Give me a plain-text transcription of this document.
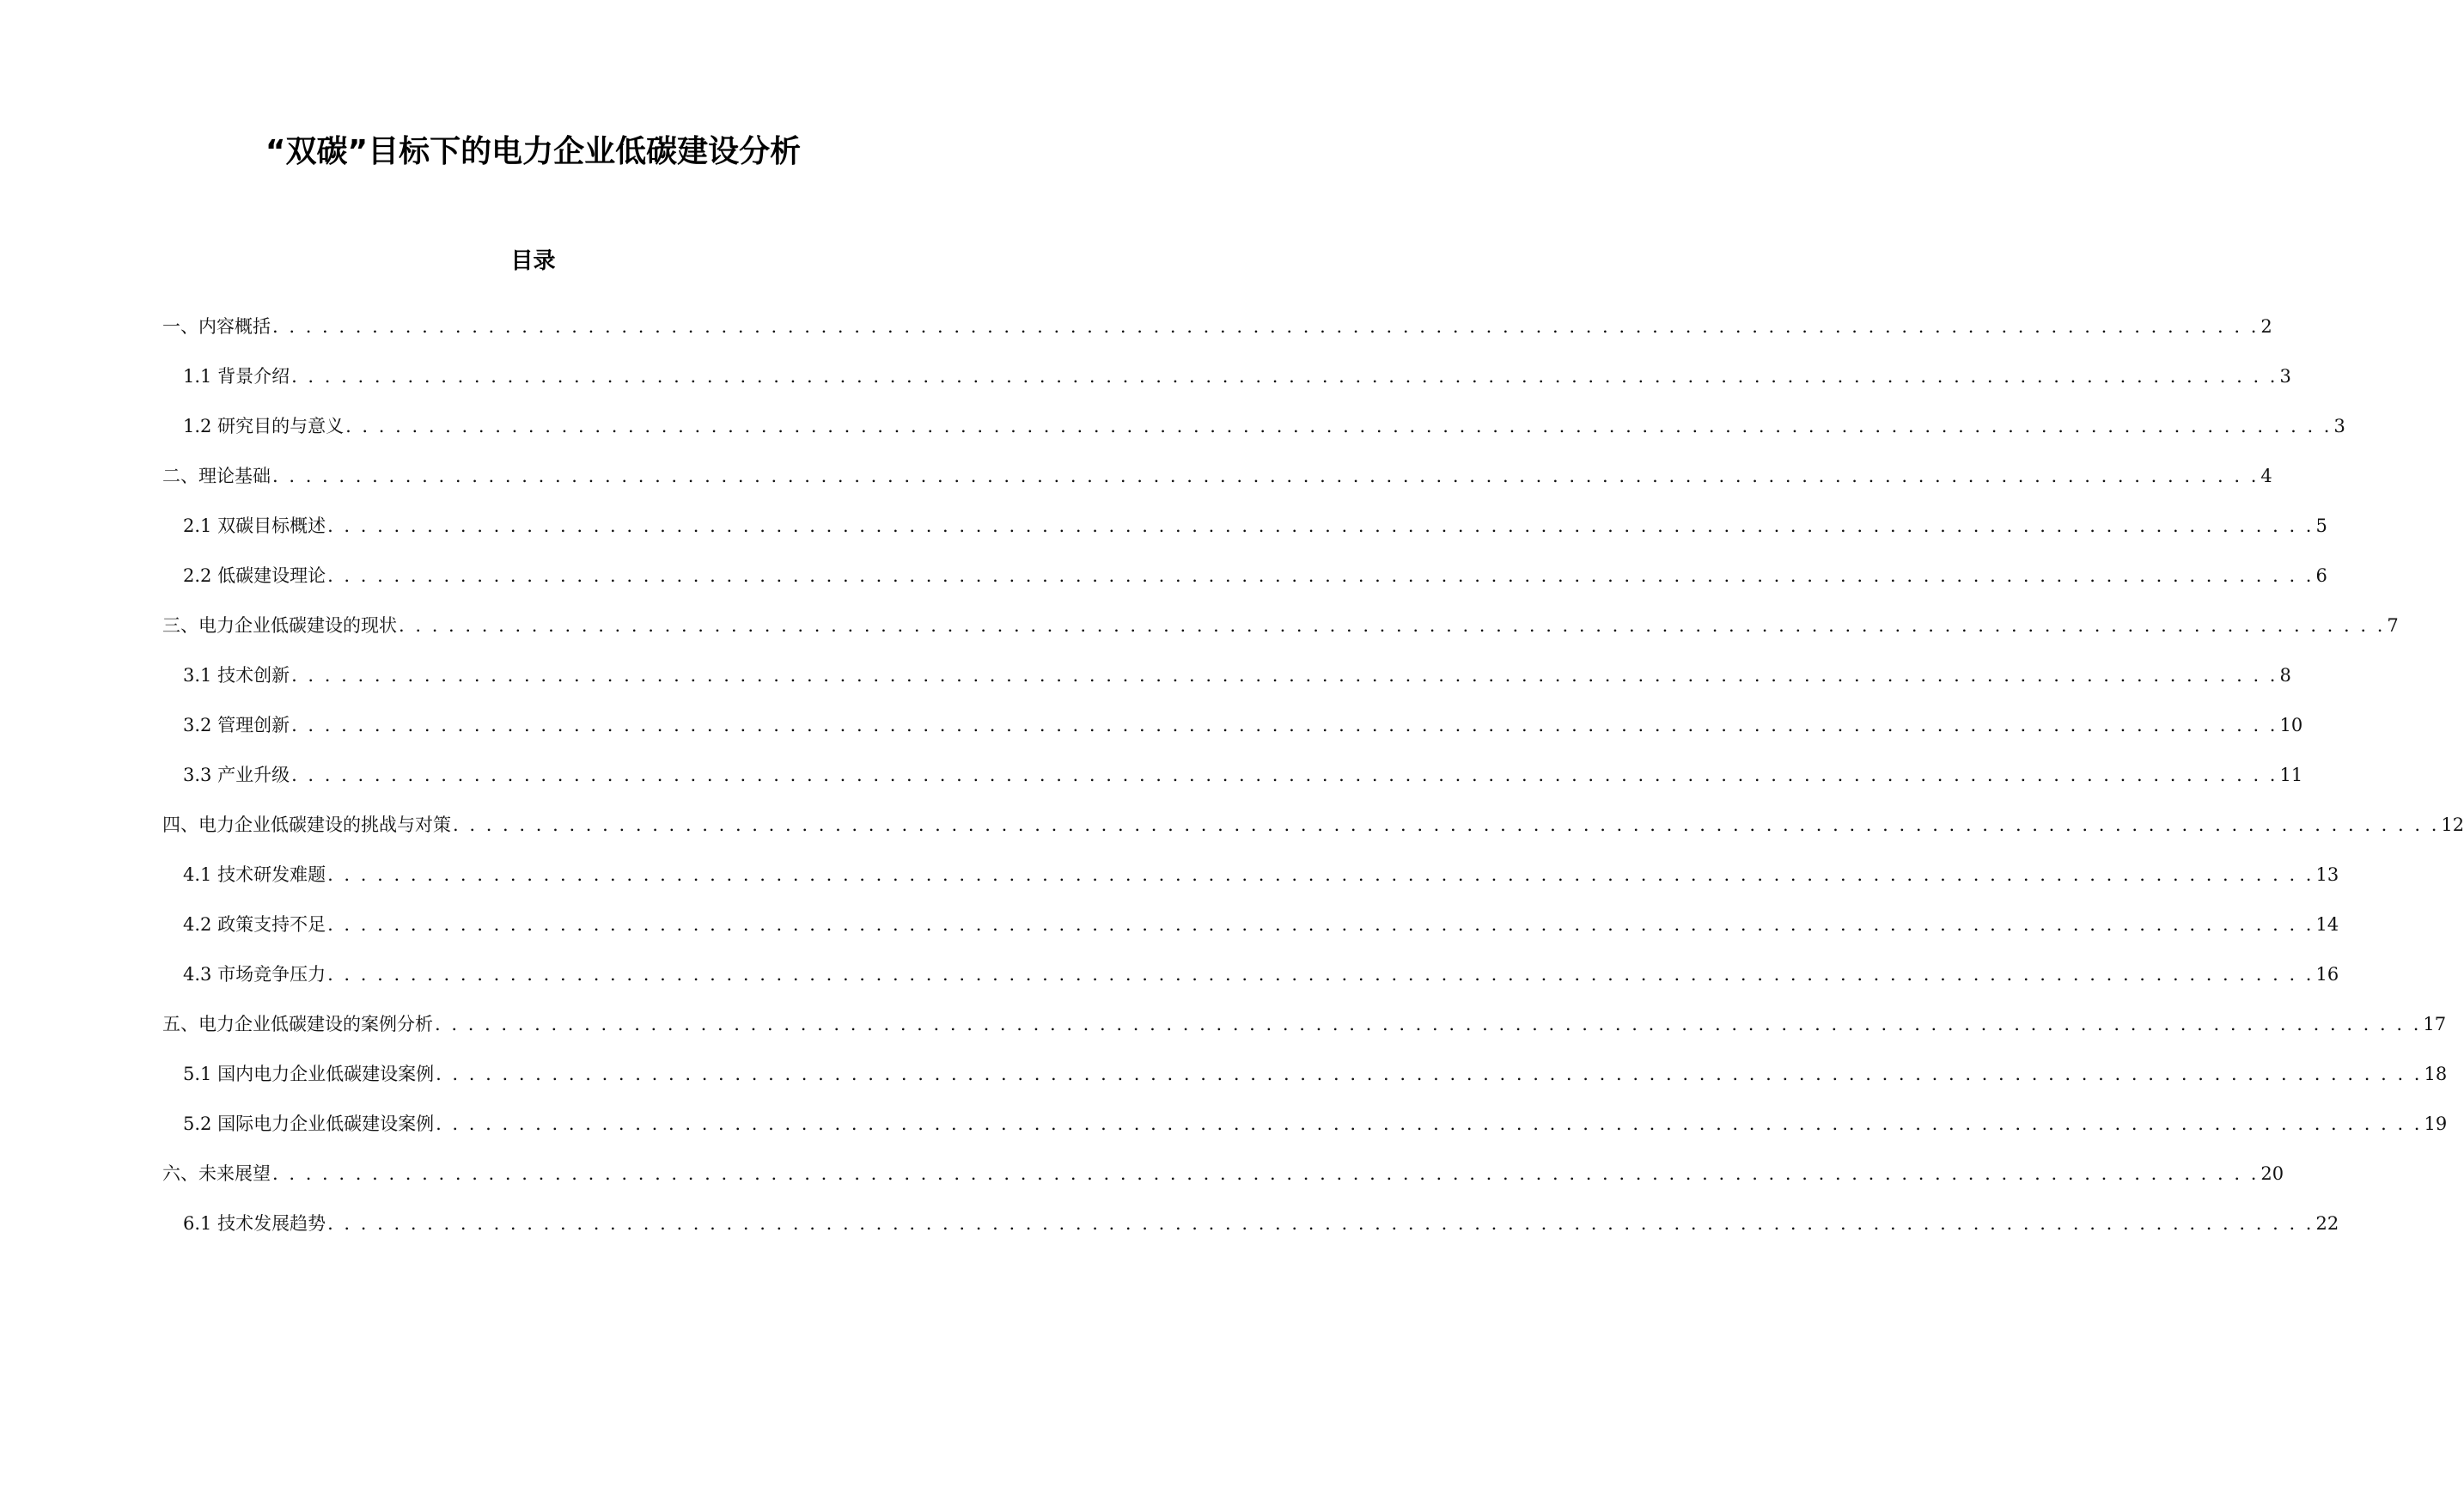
“双碳”目标下的电力企业低碳建设分析
目录
一、内容概括 . . . . . . . . . . . . . . . . . . . . . . . . . . . . . . . . . . . . . . . . . . . . . . . . . . . . . . . . . . . . . . . . . . . . . . . . . . . . . . . . . . . . . . . . . . . . . . . . . . . . . . . . . . . . . . . . . . . . . . . . 2
1.1 背景介绍 . . . . . . . . . . . . . . . . . . . . . . . . . . . . . . . . . . . . . . . . . . . . . . . . . . . . . . . . . . . . . . . . . . . . . . . . . . . . . . . . . . . . . . . . . . . . . . . . . . . . . . . . . . . . . . . . . . . . . . . . 3
1.2 研究目的与意义 . . . . . . . . . . . . . . . . . . . . . . . . . . . . . . . . . . . . . . . . . . . . . . . . . . . . . . . . . . . . . . . . . . . . . . . . . . . . . . . . . . . . . . . . . . . . . . . . . . . . . . . . . . . . . . . . . . . . . . . . 3
二、理论基础 . . . . . . . . . . . . . . . . . . . . . . . . . . . . . . . . . . . . . . . . . . . . . . . . . . . . . . . . . . . . . . . . . . . . . . . . . . . . . . . . . . . . . . . . . . . . . . . . . . . . . . . . . . . . . . . . . . . . . . . . 4
2.1 双碳目标概述 . . . . . . . . . . . . . . . . . . . . . . . . . . . . . . . . . . . . . . . . . . . . . . . . . . . . . . . . . . . . . . . . . . . . . . . . . . . . . . . . . . . . . . . . . . . . . . . . . . . . . . . . . . . . . . . . . . . . . . . . 5
2.2 低碳建设理论 . . . . . . . . . . . . . . . . . . . . . . . . . . . . . . . . . . . . . . . . . . . . . . . . . . . . . . . . . . . . . . . . . . . . . . . . . . . . . . . . . . . . . . . . . . . . . . . . . . . . . . . . . . . . . . . . . . . . . . . . 6
三、电力企业低碳建设的现状 . . . . . . . . . . . . . . . . . . . . . . . . . . . . . . . . . . . . . . . . . . . . . . . . . . . . . . . . . . . . . . . . . . . . . . . . . . . . . . . . . . . . . . . . . . . . . . . . . . . . . . . . . . . . . . . . . . . . . . . . 7
3.1 技术创新 . . . . . . . . . . . . . . . . . . . . . . . . . . . . . . . . . . . . . . . . . . . . . . . . . . . . . . . . . . . . . . . . . . . . . . . . . . . . . . . . . . . . . . . . . . . . . . . . . . . . . . . . . . . . . . . . . . . . . . . . 8
3.2 管理创新 . . . . . . . . . . . . . . . . . . . . . . . . . . . . . . . . . . . . . . . . . . . . . . . . . . . . . . . . . . . . . . . . . . . . . . . . . . . . . . . . . . . . . . . . . . . . . . . . . . . . . . . . . . . . . . . . . . . . . . . . 10
3.3 产业升级 . . . . . . . . . . . . . . . . . . . . . . . . . . . . . . . . . . . . . . . . . . . . . . . . . . . . . . . . . . . . . . . . . . . . . . . . . . . . . . . . . . . . . . . . . . . . . . . . . . . . . . . . . . . . . . . . . . . . . . . . 11
四、电力企业低碳建设的挑战与对策 . . . . . . . . . . . . . . . . . . . . . . . . . . . . . . . . . . . . . . . . . . . . . . . . . . . . . . . . . . . . . . . . . . . . . . . . . . . . . . . . . . . . . . . . . . . . . . . . . . . . . . . . . . . . . . . . . . . . . . . . 12
4.1 技术研发难题 . . . . . . . . . . . . . . . . . . . . . . . . . . . . . . . . . . . . . . . . . . . . . . . . . . . . . . . . . . . . . . . . . . . . . . . . . . . . . . . . . . . . . . . . . . . . . . . . . . . . . . . . . . . . . . . . . . . . . . . . 13
4.2 政策支持不足 . . . . . . . . . . . . . . . . . . . . . . . . . . . . . . . . . . . . . . . . . . . . . . . . . . . . . . . . . . . . . . . . . . . . . . . . . . . . . . . . . . . . . . . . . . . . . . . . . . . . . . . . . . . . . . . . . . . . . . . . 14
4.3 市场竞争压力 . . . . . . . . . . . . . . . . . . . . . . . . . . . . . . . . . . . . . . . . . . . . . . . . . . . . . . . . . . . . . . . . . . . . . . . . . . . . . . . . . . . . . . . . . . . . . . . . . . . . . . . . . . . . . . . . . . . . . . . . 16
五、电力企业低碳建设的案例分析 . . . . . . . . . . . . . . . . . . . . . . . . . . . . . . . . . . . . . . . . . . . . . . . . . . . . . . . . . . . . . . . . . . . . . . . . . . . . . . . . . . . . . . . . . . . . . . . . . . . . . . . . . . . . . . . . . . . . . . . . 17
5.1 国内电力企业低碳建设案例 . . . . . . . . . . . . . . . . . . . . . . . . . . . . . . . . . . . . . . . . . . . . . . . . . . . . . . . . . . . . . . . . . . . . . . . . . . . . . . . . . . . . . . . . . . . . . . . . . . . . . . . . . . . . . . . . . . . . . . . . 18
5.2 国际电力企业低碳建设案例 . . . . . . . . . . . . . . . . . . . . . . . . . . . . . . . . . . . . . . . . . . . . . . . . . . . . . . . . . . . . . . . . . . . . . . . . . . . . . . . . . . . . . . . . . . . . . . . . . . . . . . . . . . . . . . . . . . . . . . . . 19
六、未来展望 . . . . . . . . . . . . . . . . . . . . . . . . . . . . . . . . . . . . . . . . . . . . . . . . . . . . . . . . . . . . . . . . . . . . . . . . . . . . . . . . . . . . . . . . . . . . . . . . . . . . . . . . . . . . . . . . . . . . . . . . 20
6.1 技术发展趋势 . . . . . . . . . . . . . . . . . . . . . . . . . . . . . . . . . . . . . . . . . . . . . . . . . . . . . . . . . . . . . . . . . . . . . . . . . . . . . . . . . . . . . . . . . . . . . . . . . . . . . . . . . . . . . . . . . . . . . . . . 22
